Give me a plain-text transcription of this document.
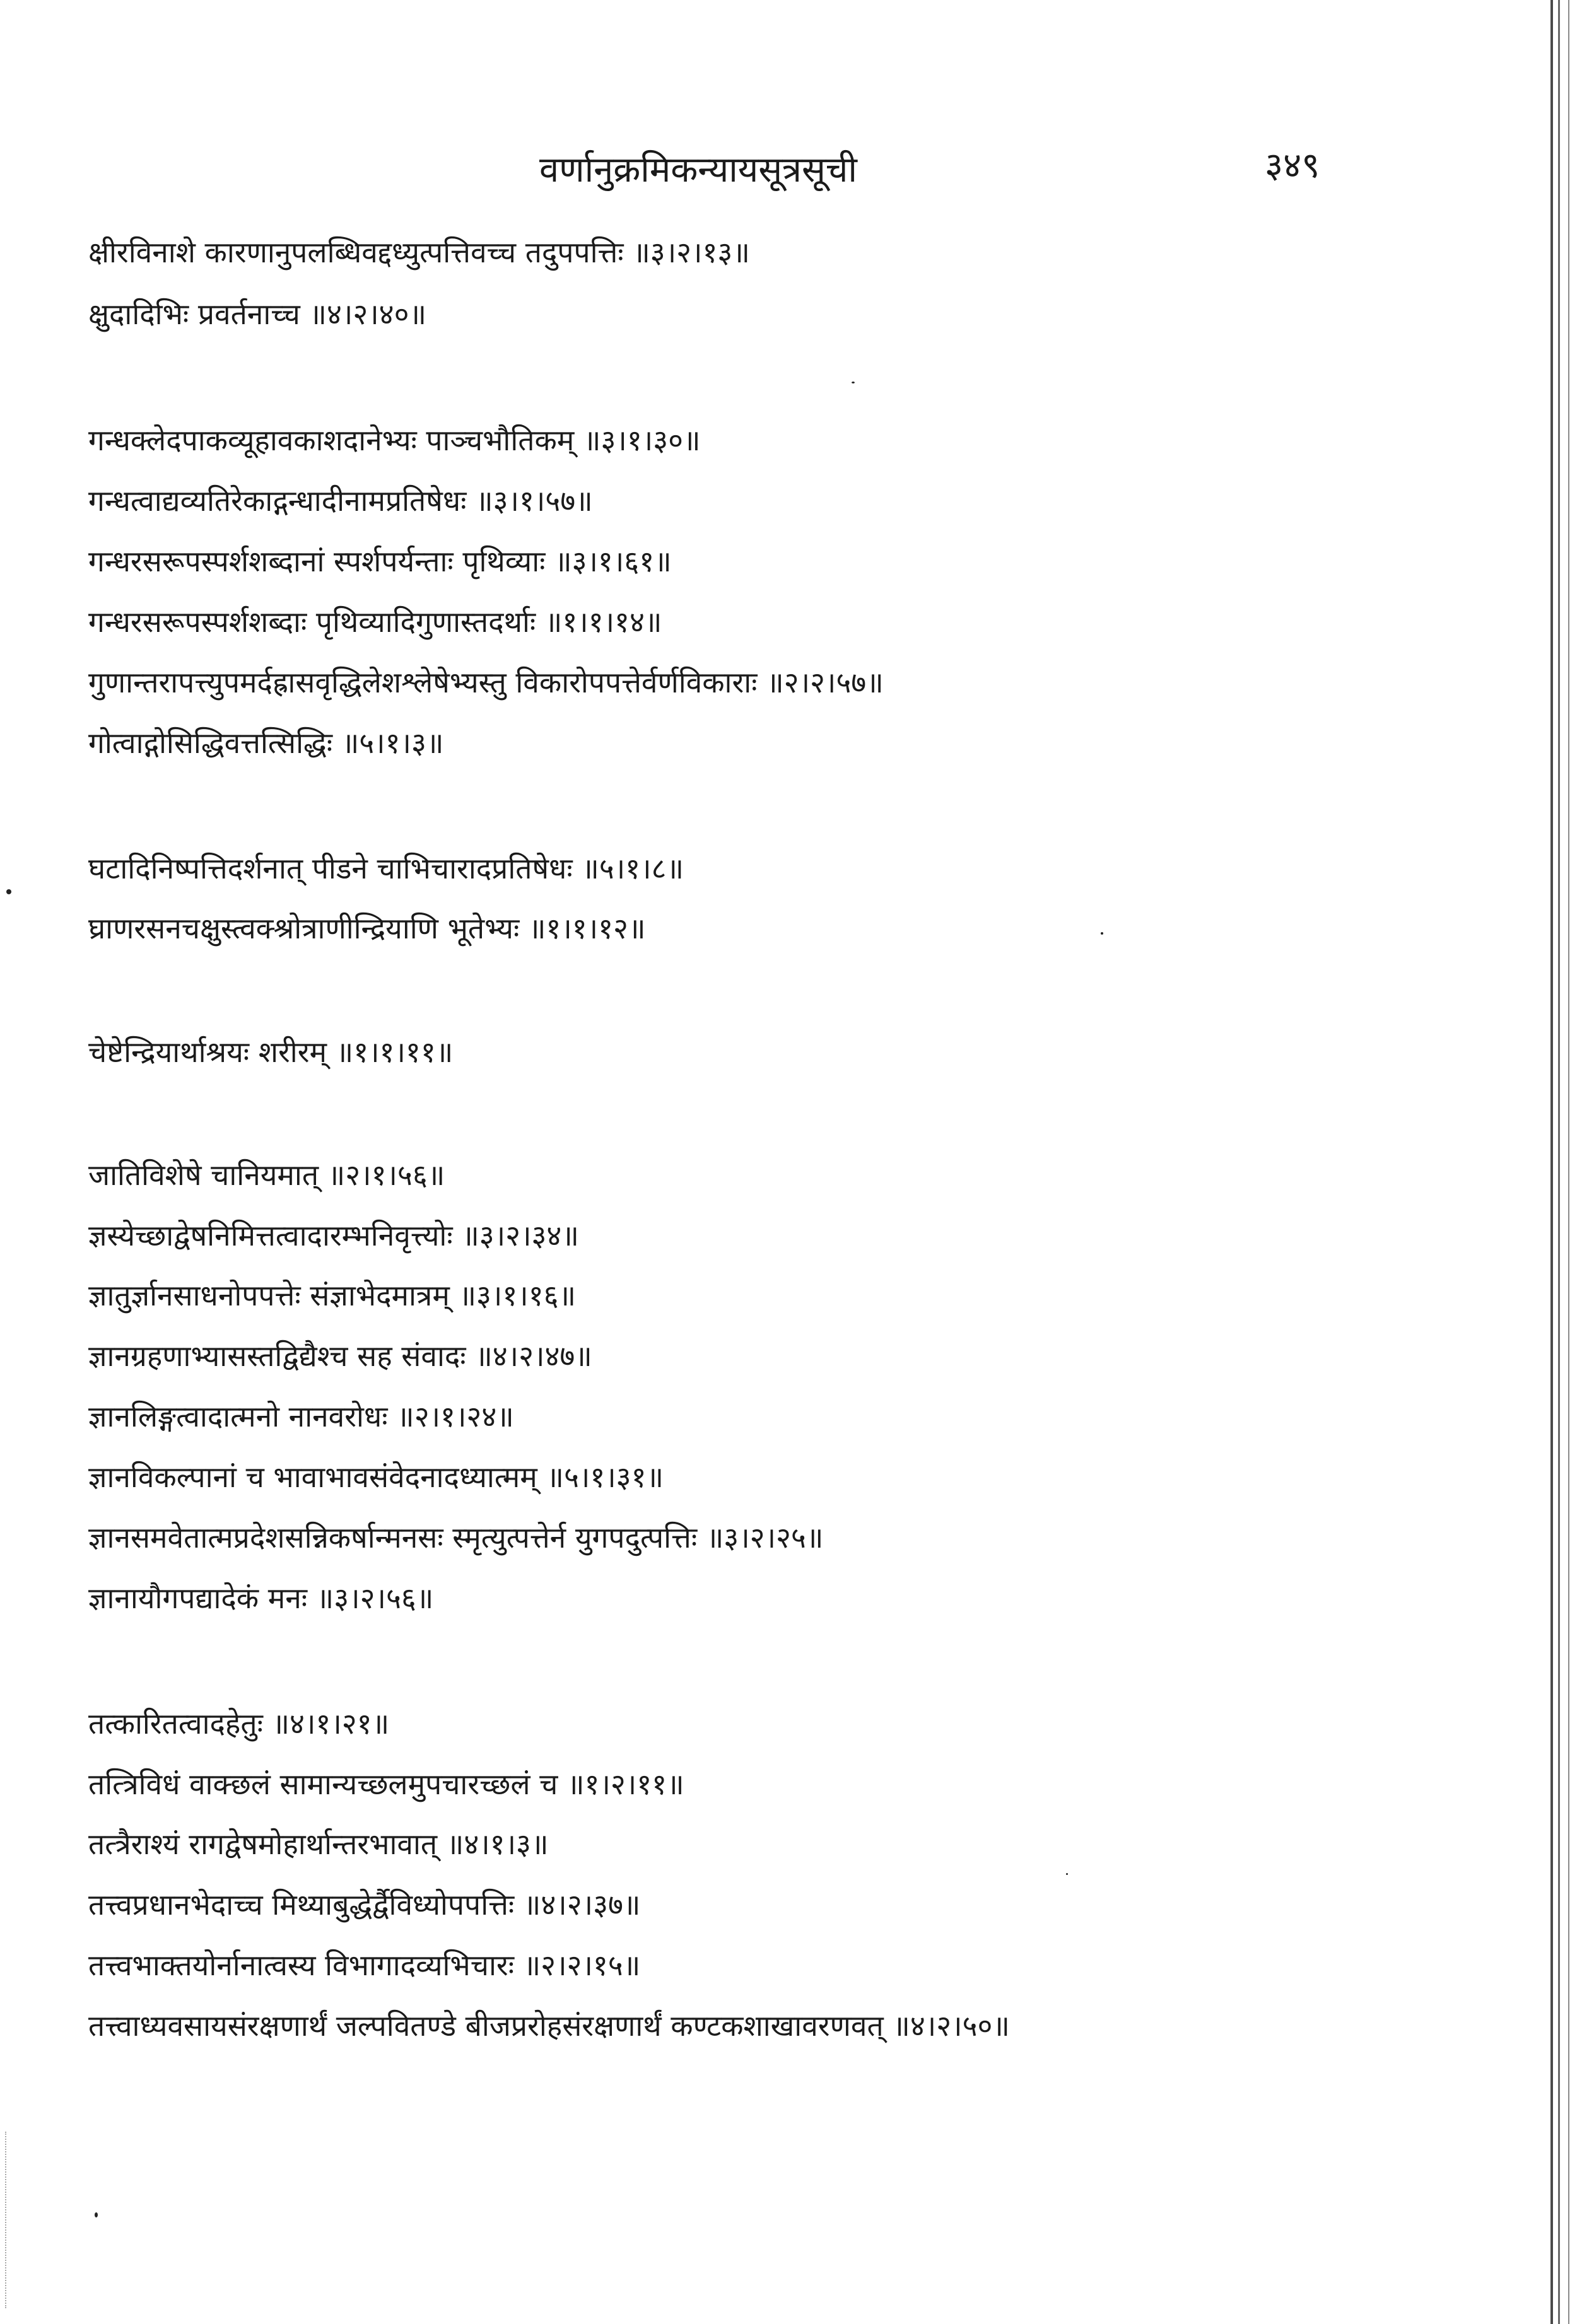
वर्णानुक्रमिकन्यायसूत्रसूची	३४९
क्षीरविनाशे कारणानुपलब्धिवद्दध्युत्पत्तिवच्च तदुपपत्तिः ॥३।२।१३॥
क्षुदादिभिः प्रवर्तनाच्च ॥४।२।४०॥
गन्धक्लेदपाकव्यूहावकाशदानेभ्यः पाञ्चभौतिकम् ॥३।१।३०॥
गन्धत्वाद्यव्यतिरेकाद्गन्धादीनामप्रतिषेधः ॥३।१।५७॥
गन्धरसरूपस्पर्शशब्दानां स्पर्शपर्यन्ताः पृथिव्याः ॥३।१।६१॥
गन्धरसरूपस्पर्शशब्दाः पृथिव्यादिगुणास्तदर्थाः ॥१।१।१४॥
गुणान्तरापत्त्युपमर्दह्रासवृद्धिलेशश्लेषेभ्यस्तु विकारोपपत्तेर्वर्णविकाराः ॥२।२।५७॥
गोत्वाद्गोसिद्धिवत्तत्सिद्धिः ॥५।१।३॥
घटादिनिष्पत्तिदर्शनात् पीडने चाभिचारादप्रतिषेधः ॥५।१।८॥
घ्राणरसनचक्षुस्त्वक्श्रोत्राणीन्द्रियाणि भूतेभ्यः ॥१।१।१२॥
चेष्टेन्द्रियार्थाश्रयः शरीरम् ॥१।१।११॥
जातिविशेषे चानियमात् ॥२।१।५६॥
ज्ञस्येच्छाद्वेषनिमित्तत्वादारम्भनिवृत्त्योः ॥३।२।३४॥
ज्ञातुर्ज्ञानसाधनोपपत्तेः संज्ञाभेदमात्रम् ॥३।१।१६॥
ज्ञानग्रहणाभ्यासस्तद्विद्यैश्च सह संवादः ॥४।२।४७॥
ज्ञानलिङ्गत्वादात्मनो नानवरोधः ॥२।१।२४॥
ज्ञानविकल्पानां च भावाभावसंवेदनादध्यात्मम् ॥५।१।३१॥
ज्ञानसमवेतात्मप्रदेशसन्निकर्षान्मनसः स्मृत्युत्पत्तेर्न युगपदुत्पत्तिः ॥३।२।२५॥
ज्ञानायौगपद्यादेकं मनः ॥३।२।५६॥
तत्कारितत्वादहेतुः ॥४।१।२१॥
तत्त्रिविधं वाक्छलं सामान्यच्छलमुपचारच्छलं च ॥१।२।११॥
तत्त्रैराश्यं रागद्वेषमोहार्थान्तरभावात् ॥४।१।३॥
तत्त्वप्रधानभेदाच्च मिथ्याबुद्धेर्द्वैविध्योपपत्तिः ॥४।२।३७॥
तत्त्वभाक्तयोर्नानात्वस्य विभागादव्यभिचारः ॥२।२।१५॥
तत्त्वाध्यवसायसंरक्षणार्थं जल्पवितण्डे बीजप्ररोहसंरक्षणार्थं कण्टकशाखावरणवत् ॥४।२।५०॥
